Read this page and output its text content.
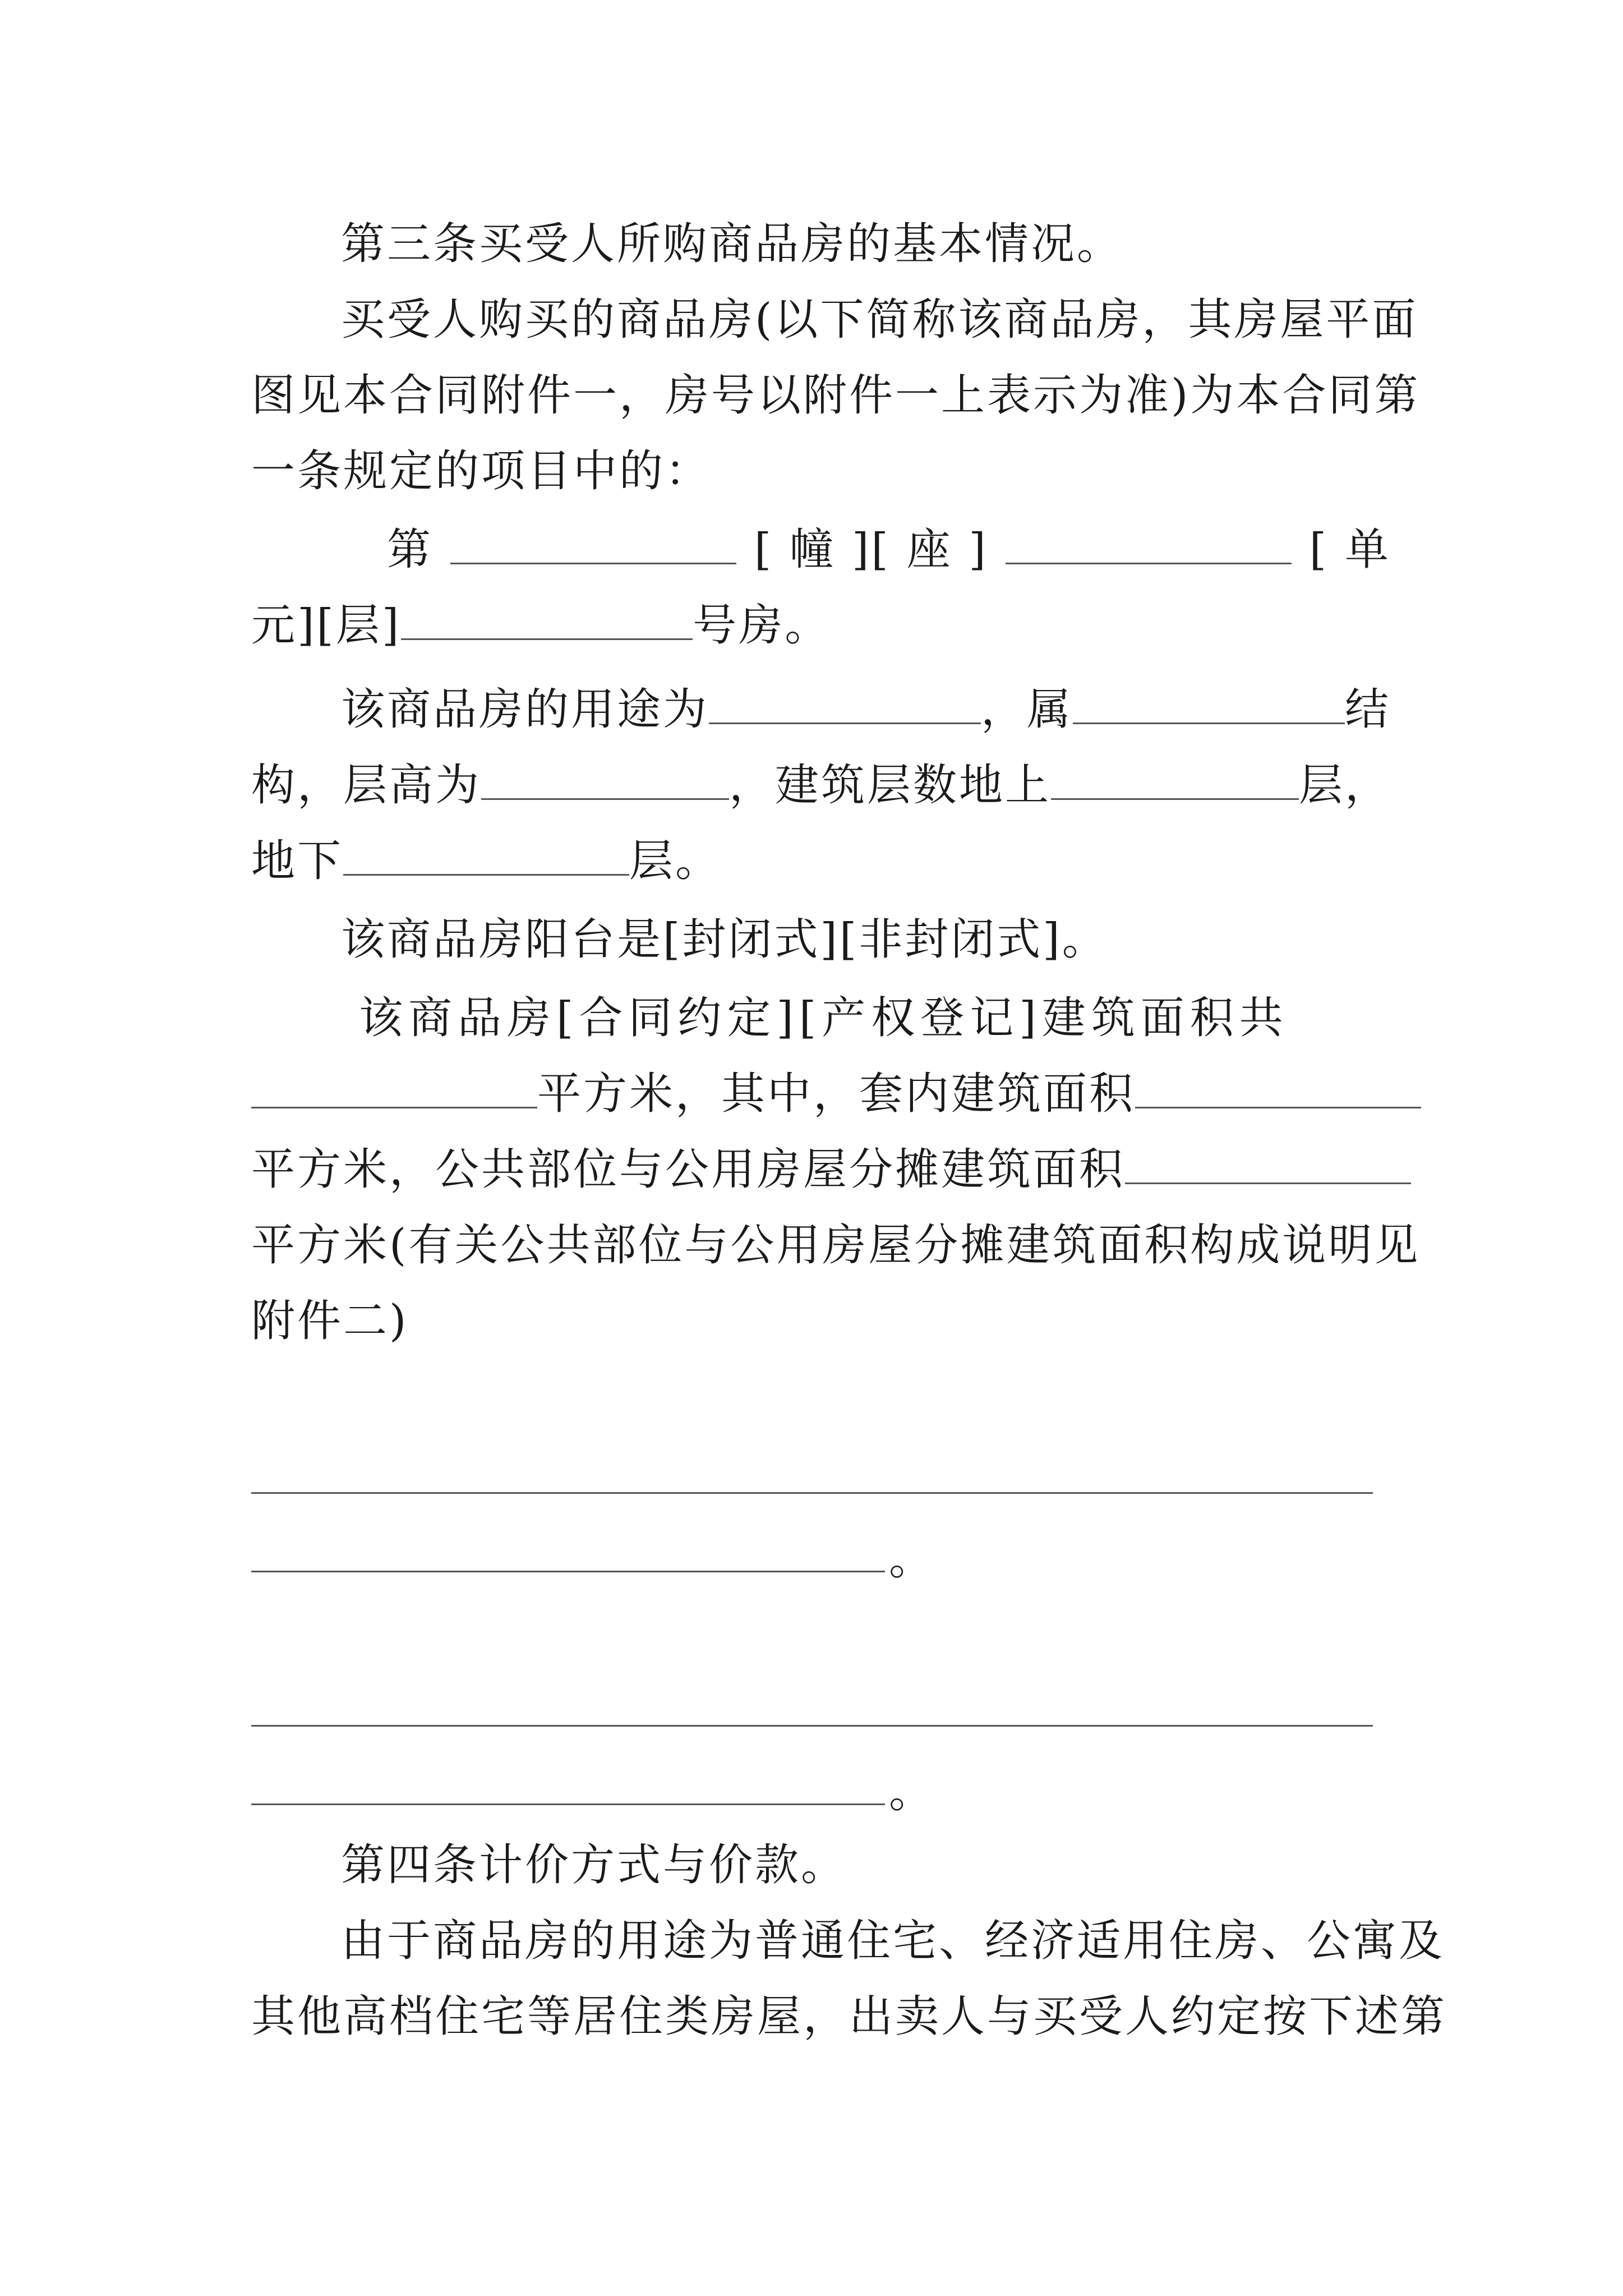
第三条买受人所购商品房的基本情况。
买受人购买的商品房(以下简称该商品房，其房屋平面
图见本合同附件一，房号以附件一上表示为准)为本合同第
一条规定的项目中的：
第	[ 幢 ][ 座 ]	[ 单
元][层]	号房。
该商品房的用途为	，属	结
构，层高为	，建筑层数地上	层，
地下	层。
该商品房阳台是[封闭式][非封闭式]。
该商品房[合同约定][产权登记]建筑面积共
平方米，其中，套内建筑面积
平方米，公共部位与公用房屋分摊建筑面积
平方米(有关公共部位与公用房屋分摊建筑面积构成说明见
附件二)
。
。
第四条计价方式与价款。
由于商品房的用途为普通住宅、经济适用住房、公寓及
其他高档住宅等居住类房屋，出卖人与买受人约定按下述第
